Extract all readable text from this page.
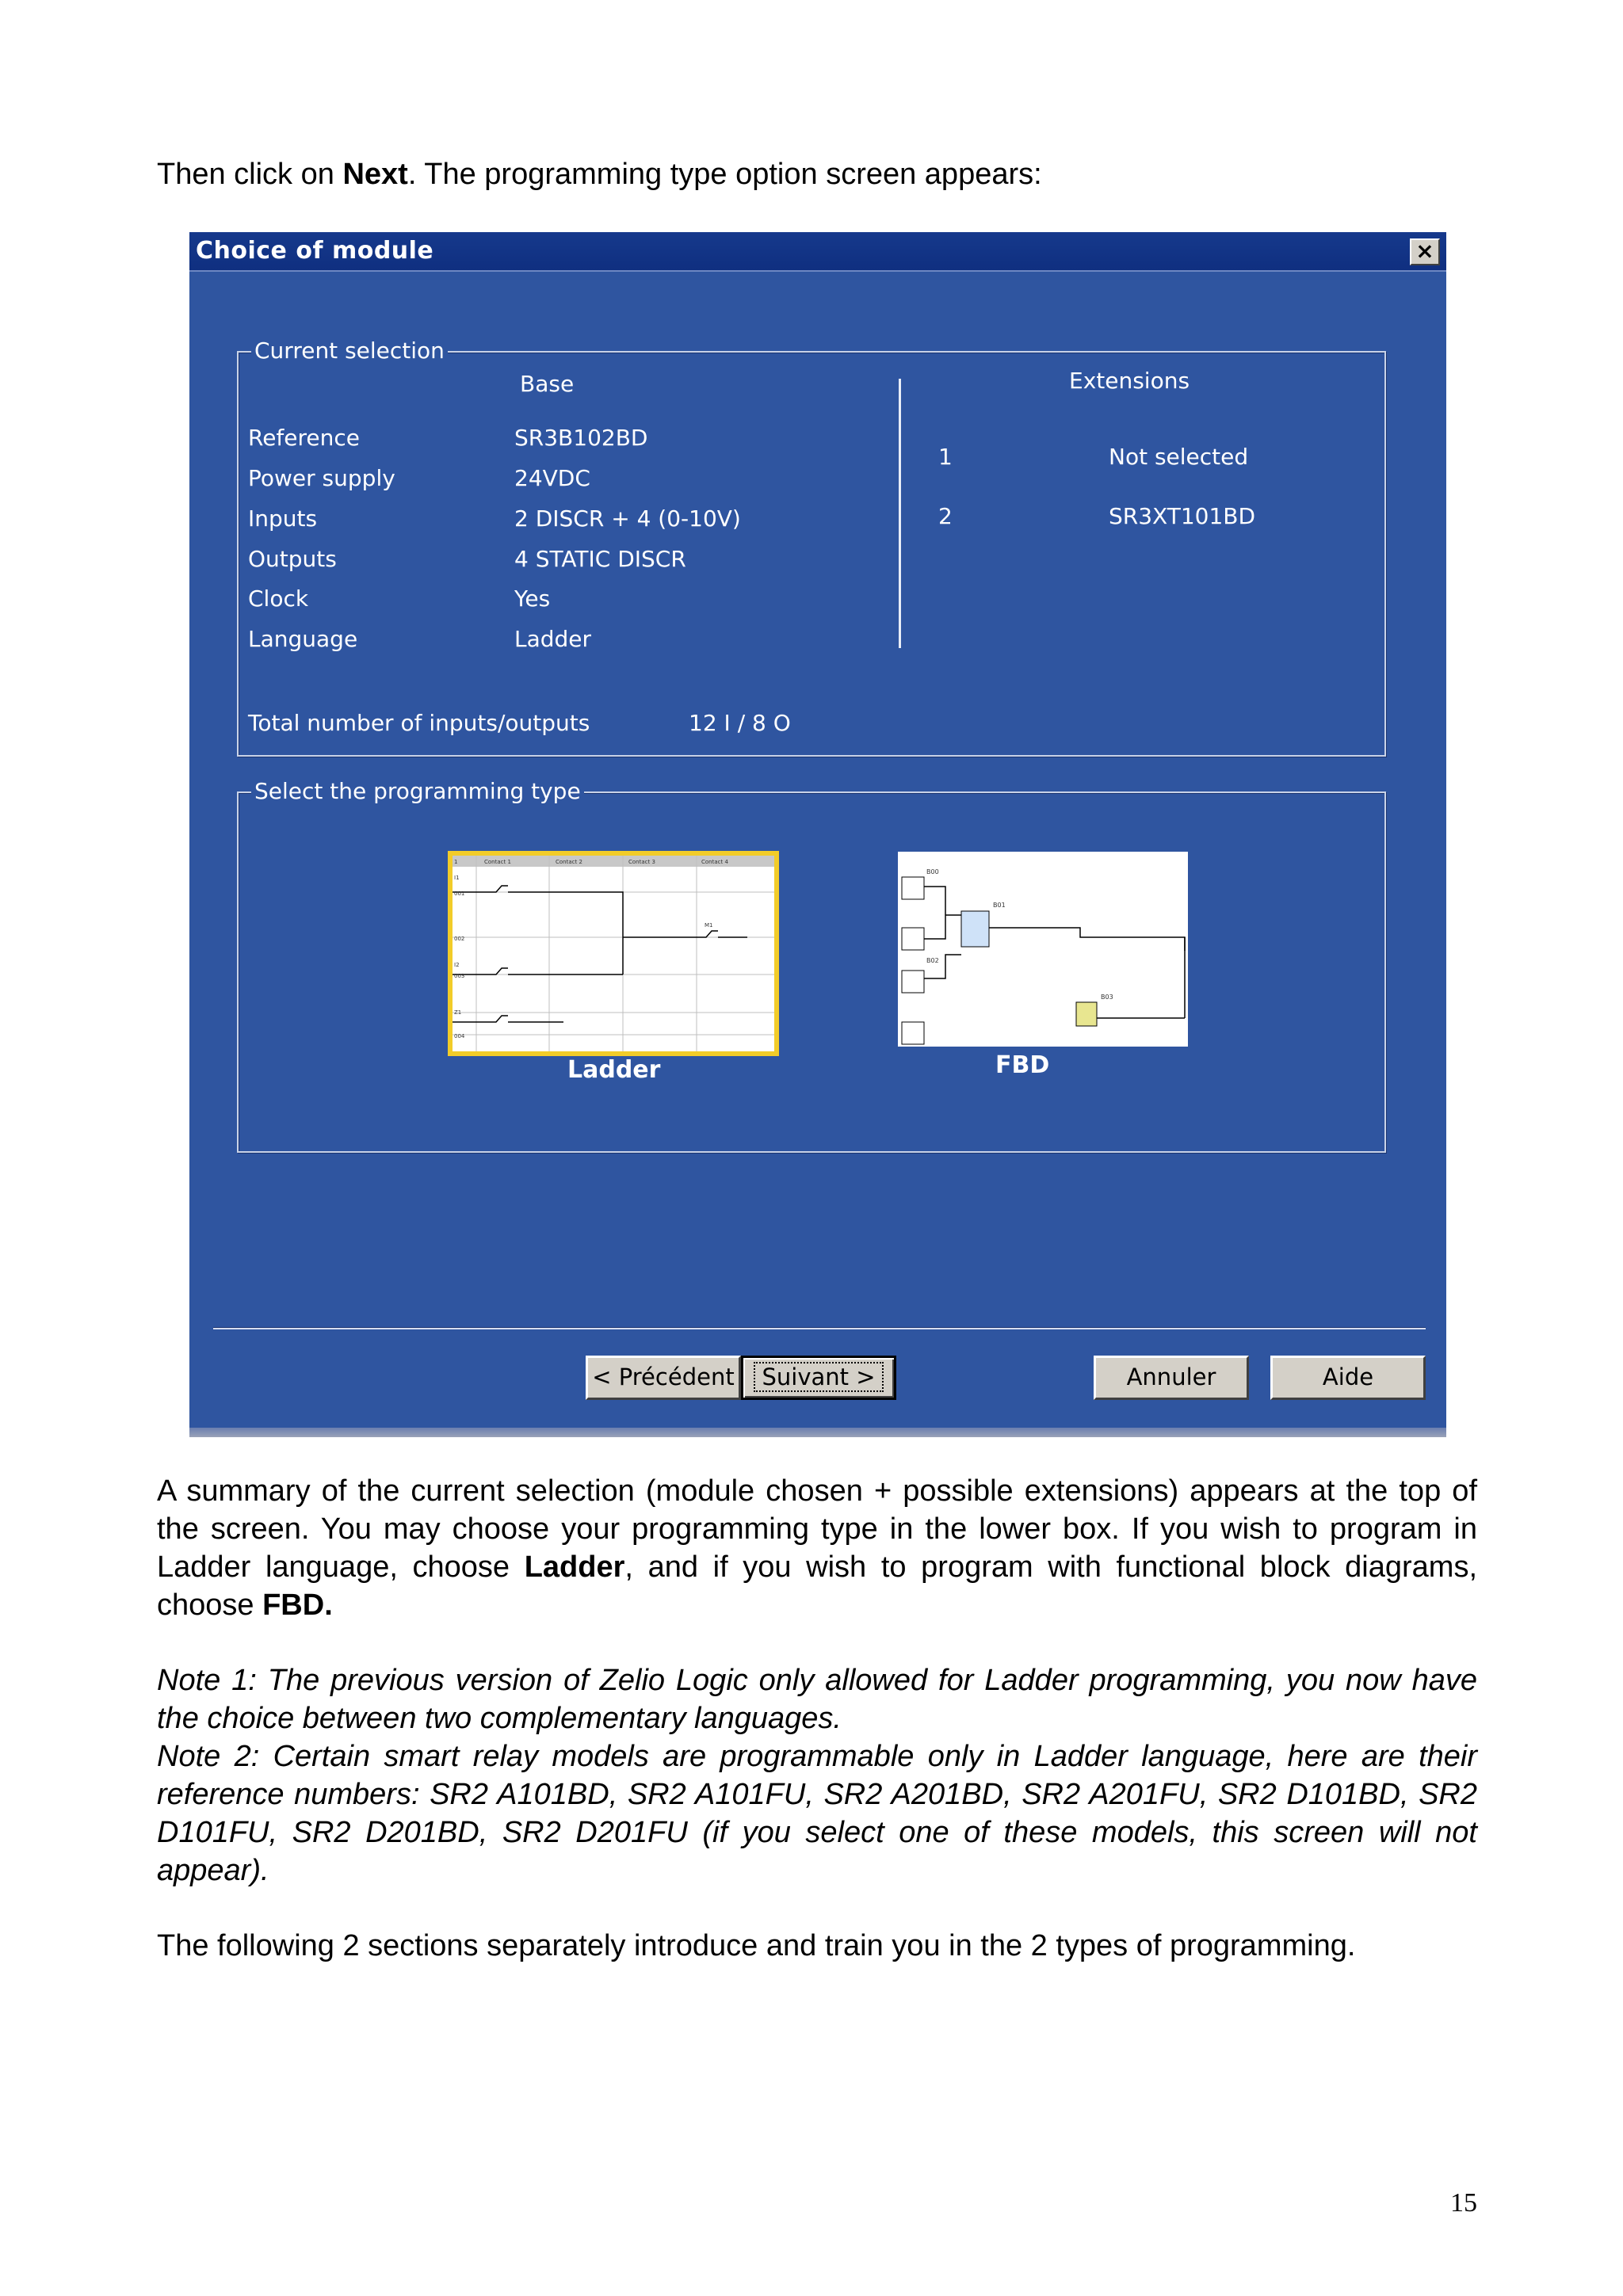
Then click on Next. The programming type option screen appears:

Choice of module	×
Current selection
Base	Extensions
Reference	SR3B102BD
Power supply	24VDC
Inputs	2 DISCR + 4 (0-10V)
Outputs	4 STATIC DISCR
Clock	Yes
Language	Ladder
1	Not selected
2	SR3XT101BD
Total number of inputs/outputs	12 I / 8 O
Select the programming type
1	Contact 1	Contact 2	Contact 3	Contact 4
I1
001
002
I2
003
Z1
004
M1
Ladder
B00
B02
B01
B03
FBD
< Précédent	Suivant >	Annuler	Aide

A summary of the current selection (module chosen + possible extensions) appears at the top of the screen. You may choose your programming type in the lower box. If you wish to program in Ladder language, choose Ladder, and if you wish to program with functional block diagrams, choose FBD.

Note 1: The previous version of Zelio Logic only allowed for Ladder programming, you now have the choice between two complementary languages.

Note 2: Certain smart relay models are programmable only in Ladder language, here are their reference numbers: SR2 A101BD, SR2 A101FU, SR2 A201BD, SR2 A201FU, SR2 D101BD, SR2 D101FU, SR2 D201BD, SR2 D201FU (if you select one of these models, this screen will not appear).

The following 2 sections separately introduce and train you in the 2 types of programming.

15
